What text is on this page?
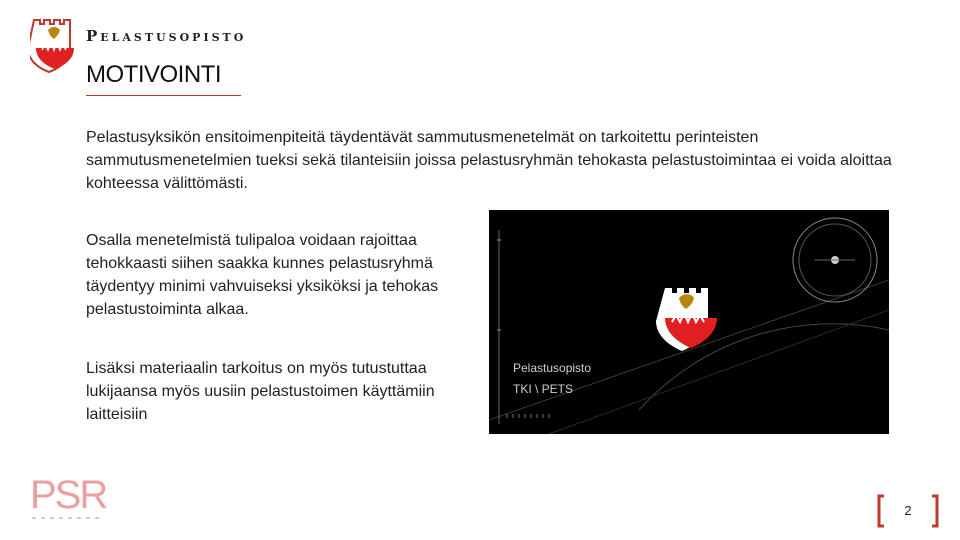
Pelastusopisto
MOTIVOINTI

Pelastusyksikön ensitoimenpiteitä täydentävät sammutusmenetelmät on tarkoitettu perinteisten sammutusmenetelmien tueksi sekä tilanteisiin joissa pelastusryhmän tehokasta pelastustoimintaa ei voida aloittaa kohteessa välittömästi.

Osalla menetelmistä tulipaloa voidaan rajoittaa tehokkaasti siihen saakka kunnes pelastusryhmä täydentyy minimi vahvuiseksi yksiköksi ja tehokas pelastustoiminta alkaa.

Lisäksi materiaalin tarkoitus on myös tutustuttaa lukijaansa myös uusiin pelastustoimen käyttämiin laitteisiin

Pelastusopisto
TKI \ PETS
PSR	2
